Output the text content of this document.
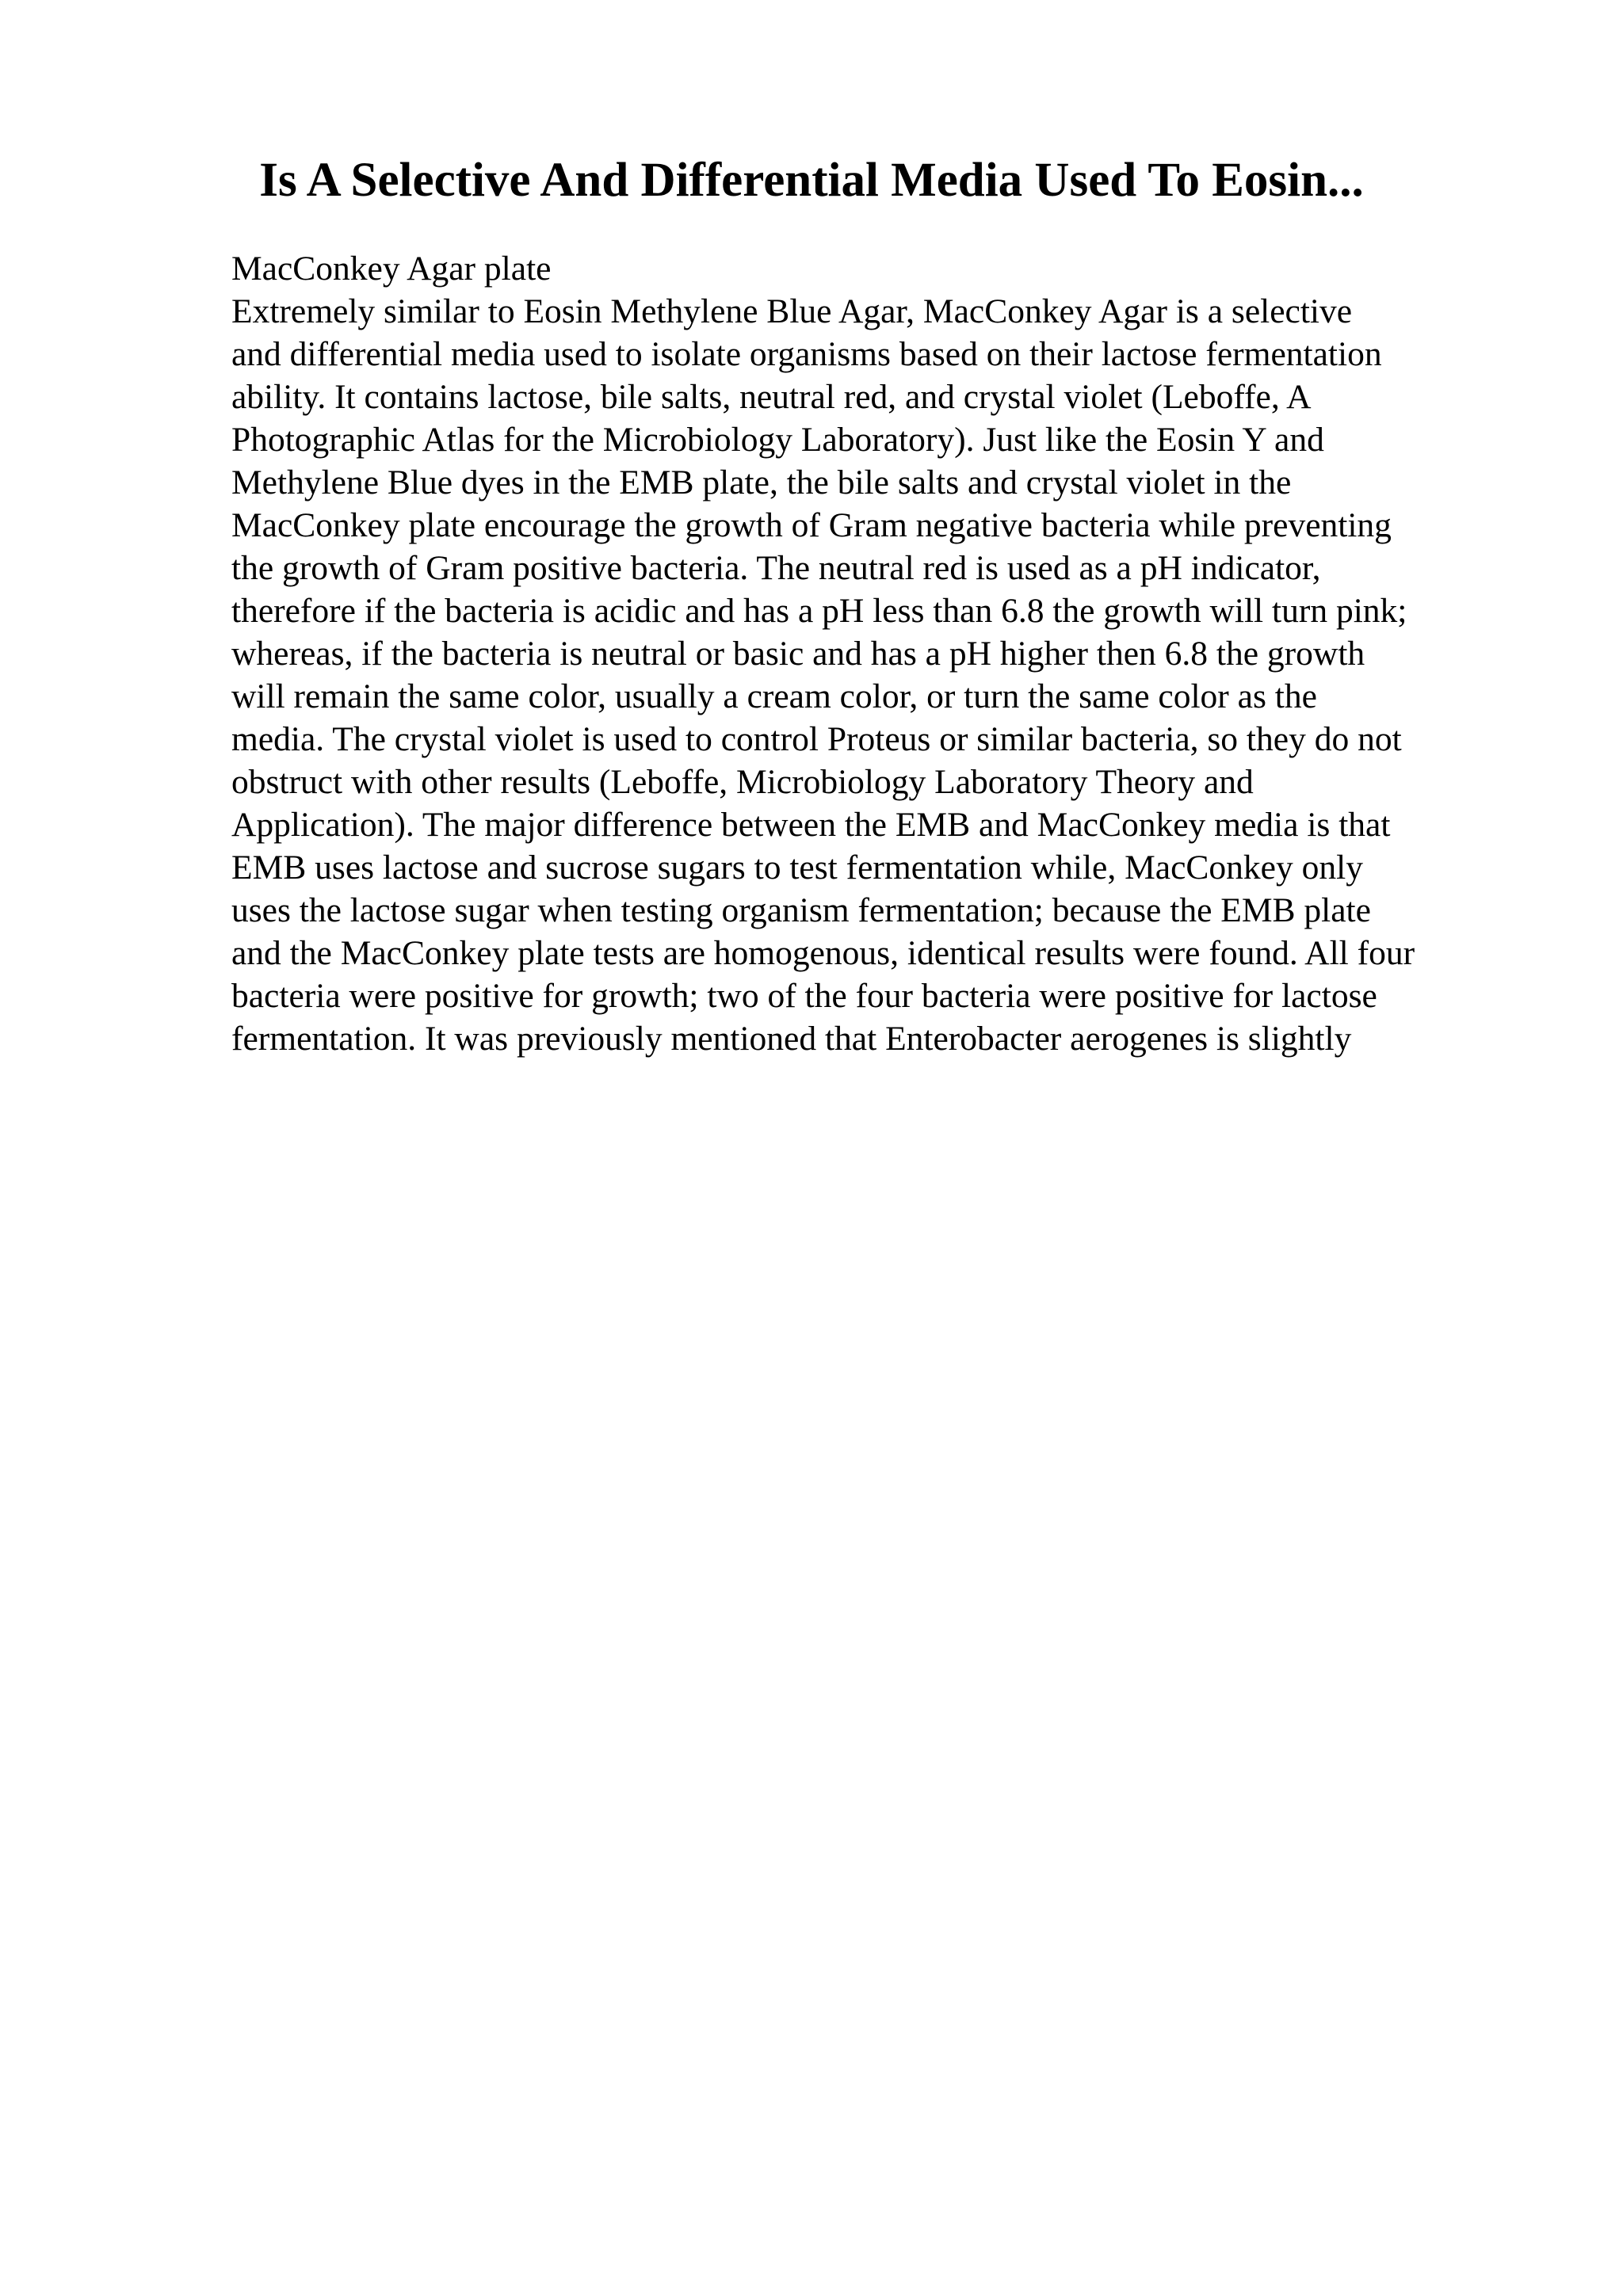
Is A Selective And Differential Media Used To Eosin...
MacConkey Agar plate
Extremely similar to Eosin Methylene Blue Agar, MacConkey Agar is a selective
and differential media used to isolate organisms based on their lactose fermentation
ability. It contains lactose, bile salts, neutral red, and crystal violet (Leboffe, A
Photographic Atlas for the Microbiology Laboratory). Just like the Eosin Y and
Methylene Blue dyes in the EMB plate, the bile salts and crystal violet in the
MacConkey plate encourage the growth of Gram negative bacteria while preventing
the growth of Gram positive bacteria. The neutral red is used as a pH indicator,
therefore if the bacteria is acidic and has a pH less than 6.8 the growth will turn pink;
whereas, if the bacteria is neutral or basic and has a pH higher then 6.8 the growth
will remain the same color, usually a cream color, or turn the same color as the
media. The crystal violet is used to control Proteus or similar bacteria, so they do not
obstruct with other results (Leboffe, Microbiology Laboratory Theory and
Application). The major difference between the EMB and MacConkey media is that
EMB uses lactose and sucrose sugars to test fermentation while, MacConkey only
uses the lactose sugar when testing organism fermentation; because the EMB plate
and the MacConkey plate tests are homogenous, identical results were found. All four
bacteria were positive for growth; two of the four bacteria were positive for lactose
fermentation. It was previously mentioned that Enterobacter aerogenes is slightly
